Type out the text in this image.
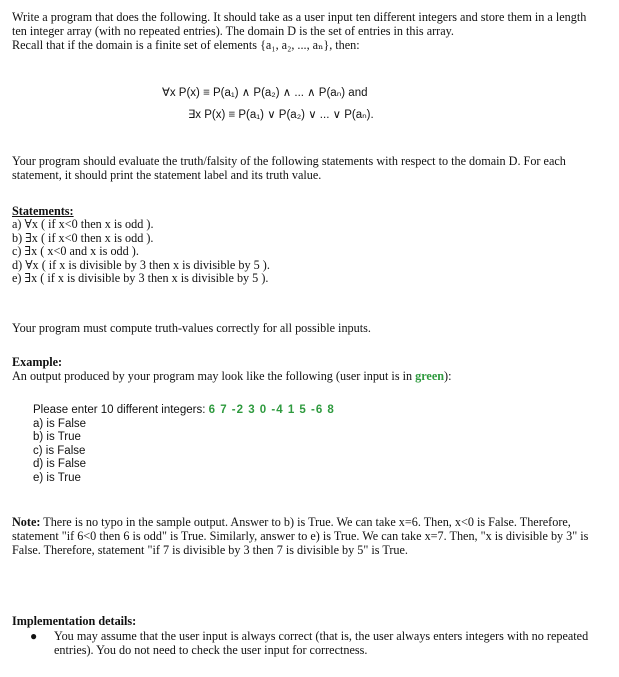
Write a program that does the following. It should take as a user input ten different integers and store them in a length ten integer array (with no repeated entries). The domain D is the set of entries in this array.

Recall that if the domain is a finite set of elements {a₁, a₂, ..., aₙ}, then:

∀x P(x) ≡ P(a₁) ∧ P(a₂) ∧ ... ∧ P(aₙ) and
∃x P(x) ≡ P(a₁) ∨ P(a₂) ∨ ... ∨ P(aₙ).

Your program should evaluate the truth/falsity of the following statements with respect to the domain D. For each statement, it should print the statement label and its truth value.

Statements:

a) ∀x ( if x<0 then x is odd ).

b) ∃x ( if x<0 then x is odd ).

c) ∃x ( x<0 and x is odd ).

d) ∀x ( if x is divisible by 3 then x is divisible by 5 ).

e) ∃x ( if x is divisible by 3 then x is divisible by 5 ).

Your program must compute truth-values correctly for all possible inputs.

Example:

An output produced by your program may look like the following (user input is in green):

Please enter 10 different integers: 6 7 -2 3 0 -4 1 5 -6 8
a) is False
b) is True
c) is False
d) is False
e) is True

Note: There is no typo in the sample output. Answer to b) is True. We can take x=6. Then, x<0 is False. Therefore, statement "if 6<0 then 6 is odd" is True. Similarly, answer to e) is True. We can take x=7. Then, "x is divisible by 3" is False. Therefore, statement "if 7 is divisible by 3 then 7 is divisible by 5" is True.

Implementation details:
● You may assume that the user input is always correct (that is, the user always enters integers with no repeated entries). You do not need to check the user input for correctness.
